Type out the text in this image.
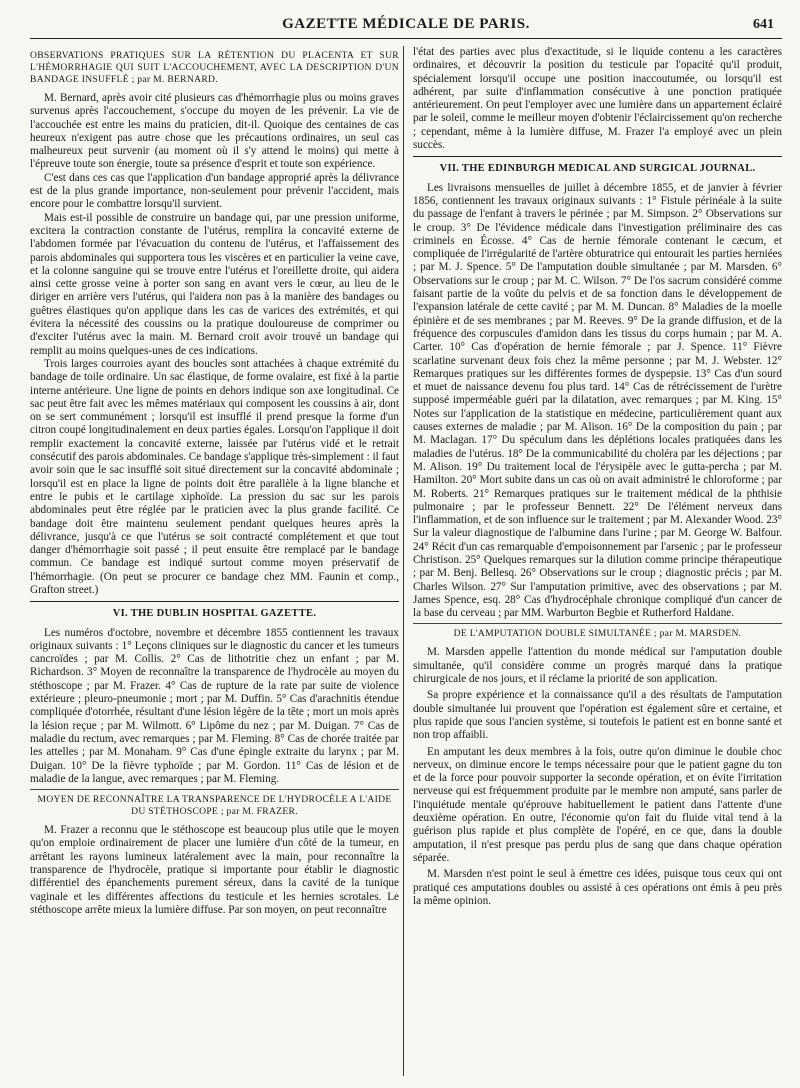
GAZETTE MÉDICALE DE PARIS.	641
OBSERVATIONS PRATIQUES SUR LA RÉTENTION DU PLACENTA ET SUR L'HÉMORRHAGIE QUI SUIT L'ACCOUCHEMENT, AVEC LA DESCRIPTION D'UN BANDAGE INSUFFLÉ ; par M. BERNARD.

M. Bernard, après avoir cité plusieurs cas d'hémorrhagie plus ou moins graves survenus après l'accouchement, s'occupe du moyen de les prévenir. La vie de l'accouchée est entre les mains du praticien, dit-il. Quoique des centaines de cas heureux n'exigent pas autre chose que les précautions ordinaires, un seul cas malheureux peut survenir (au moment où il s'y attend le moins) qui mette à l'épreuve toute son énergie, toute sa présence d'esprit et toute son expérience.

C'est dans ces cas que l'application d'un bandage approprié après la délivrance est de la plus grande importance, non-seulement pour prévenir l'accident, mais encore pour le combattre lorsqu'il survient.

Mais est-il possible de construire un bandage qui, par une pression uniforme, excitera la contraction constante de l'utérus, remplira la concavité externe de l'abdomen formée par l'évacuation du contenu de l'utérus, et l'affaissement des parois abdominales qui supportera tous les viscères et en particulier la veine cave, et la colonne sanguine qui se trouve entre l'utérus et l'oreillette droite, qui aidera ainsi cette grosse veine à porter son sang en avant vers le cœur, au lieu de le diriger en arrière vers l'utérus, qui l'aidera non pas à la manière des bandages ou guêtres élastiques qu'on applique dans les cas de varices des extrémités, et qui évitera la nécessité des coussins ou la pratique douloureuse de comprimer ou d'exciter l'utérus avec la main. M. Bernard croit avoir trouvé un bandage qui remplit au moins quelques-unes de ces indications.

Trois larges courroies ayant des boucles sont attachées à chaque extrémité du bandage de toile ordinaire. Un sac élastique, de forme ovalaire, est fixé à la partie interne antérieure. Une ligne de points en dehors indique son axe longitudinal. Ce sac peut être fait avec les mêmes matériaux qui composent les coussins à air, dont on se sert communément ; lorsqu'il est insufflé il prend presque la forme d'un citron coupé longitudinalement en deux parties égales. Lorsqu'on l'applique il doit remplir exactement la concavité externe, laissée par l'utérus vidé et le retrait consécutif des parois abdominales. Ce bandage s'applique très-simplement : il faut avoir soin que le sac insufflé soit situé directement sur la concavité abdominale ; lorsqu'il est en place la ligne de points doit être parallèle à la ligne blanche et entre le pubis et le cartilage xiphoïde. La pression du sac sur les parois abdominales peut être réglée par le praticien avec la plus grande facilité. Ce bandage doit être maintenu seulement pendant quelques heures après la délivrance, jusqu'à ce que l'utérus se soit contracté complétement et que tout danger d'hémorrhagie soit passé ; il peut ensuite être remplacé par le bandage commun. Ce bandage est indiqué surtout comme moyen préservatif de l'hémorrhagie. (On peut se procurer ce bandage chez MM. Faunin et comp., Grafton street.)

VI. THE DUBLIN HOSPITAL GAZETTE.

Les numéros d'octobre, novembre et décembre 1855 contiennent les travaux originaux suivants : 1° Leçons cliniques sur le diagnostic du cancer et les tumeurs cancroïdes ; par M. Collis. 2° Cas de lithotritie chez un enfant ; par M. Richardson. 3° Moyen de reconnaître la transparence de l'hydrocèle au moyen du stéthoscope ; par M. Frazer. 4° Cas de rupture de la rate par suite de violence extérieure ; pleuro-pneumonie ; mort ; par M. Duffin. 5° Cas d'arachnitis étendue compliquée d'otorrhée, résultant d'une lésion légère de la tête ; mort un mois après la lésion reçue ; par M. Wilmott. 6° Lipôme du nez ; par M. Duigan. 7° Cas de maladie du rectum, avec remarques ; par M. Fleming. 8° Cas de chorée traitée par les attelles ; par M. Monaham. 9° Cas d'une épingle extraite du larynx ; par M. Duigan. 10° De la fièvre typhoïde ; par M. Gordon. 11° Cas de lésion et de maladie de la langue, avec remarques ; par M. Fleming.

MOYEN DE RECONNAÎTRE LA TRANSPARENCE DE L'HYDROCÈLE A L'AIDE DU STÉTHOSCOPE ; par M. FRAZER.

M. Frazer a reconnu que le stéthoscope est beaucoup plus utile que le moyen qu'on emploie ordinairement de placer une lumière d'un côté de la tumeur, en arrêtant les rayons lumineux latéralement avec la main, pour reconnaître la transparence de l'hydrocèle, pratique si importante pour établir le diagnostic différentiel des épanchements purement séreux, dans la cavité de la tunique vaginale et les différentes affections du testicule et les hernies scrotales. Le stéthoscope arrête mieux la lumière diffuse. Par son moyen, on peut reconnaître

l'état des parties avec plus d'exactitude, si le liquide contenu a les caractères ordinaires, et découvrir la position du testicule par l'opacité qu'il produit, spécialement lorsqu'il occupe une position inaccoutumée, ou lorsqu'il est adhérent, par suite d'inflammation consécutive à une ponction pratiquée antérieurement. On peut l'employer avec une lumière dans un appartement éclairé par le soleil, comme le meilleur moyen d'obtenir l'éclaircissement qu'on recherche ; cependant, même à la lumière diffuse, M. Frazer l'a employé avec un plein succès.

VII. THE EDINBURGH MEDICAL AND SURGICAL JOURNAL.

Les livraisons mensuelles de juillet à décembre 1855, et de janvier à février 1856, contiennent les travaux originaux suivants : 1° Fistule périnéale à la suite du passage de l'enfant à travers le périnée ; par M. Simpson. 2° Observations sur le croup. 3° De l'évidence médicale dans l'investigation préliminaire des cas criminels en Écosse. 4° Cas de hernie fémorale contenant le cæcum, et compliquée de l'irrégularité de l'artère obturatrice qui entourait les parties herniées ; par M. J. Spence. 5° De l'amputation double simultanée ; par M. Marsden. 6° Observations sur le croup ; par M. C. Wilson. 7° De l'os sacrum considéré comme faisant partie de la voûte du pelvis et de sa fonction dans le développement de l'expansion latérale de cette cavité ; par M. M. Duncan. 8° Maladies de la moelle épinière et de ses membranes ; par M. Reeves. 9° De la grande diffusion, et de la fréquence des corpuscules d'amidon dans les tissus du corps humain ; par M. A. Carter. 10° Cas d'opération de hernie fémorale ; par J. Spence. 11° Fièvre scarlatine survenant deux fois chez la même personne ; par M. J. Webster. 12° Remarques pratiques sur les différentes formes de dyspepsie. 13° Cas d'un sourd et muet de naissance devenu fou plus tard. 14° Cas de rétrécissement de l'urètre supposé imperméable guéri par la dilatation, avec remarques ; par M. King. 15° Notes sur l'application de la statistique en médecine, particulièrement quant aux causes externes de maladie ; par M. Alison. 16° De la composition du pain ; par M. Maclagan. 17° Du spéculum dans les déplétions locales pratiquées dans les maladies de l'utérus. 18° De la communicabilité du choléra par les déjections ; par M. Alison. 19° Du traitement local de l'érysipèle avec le gutta-percha ; par M. Hamilton. 20° Mort subite dans un cas où on avait administré le chloroforme ; par M. Roberts. 21° Remarques pratiques sur le traitement médical de la phthisie pulmonaire ; par le professeur Bennett. 22° De l'élément nerveux dans l'inflammation, et de son influence sur le traitement ; par M. Alexander Wood. 23° Sur la valeur diagnostique de l'albumine dans l'urine ; par M. George W. Balfour. 24° Récit d'un cas remarquable d'empoisonnement par l'arsenic ; par le professeur Christison. 25° Quelques remarques sur la dilution comme principe thérapeutique ; par M. Benj. Bellesq. 26° Observations sur le croup ; diagnostic précis ; par M. Charles Wilson. 27° Sur l'amputation primitive, avec des observations ; par M. James Spence, esq. 28° Cas d'hydrocéphale chronique compliqué d'un cancer de la base du cerveau ; par MM. Warburton Begbie et Rutherford Haldane.

DE L'AMPUTATION DOUBLE SIMULTANÉE ; par M. MARSDEN.

M. Marsden appelle l'attention du monde médical sur l'amputation double simultanée, qu'il considère comme un progrès marqué dans la pratique chirurgicale de nos jours, et il réclame la priorité de son application.

Sa propre expérience et la connaissance qu'il a des résultats de l'amputation double simultanée lui prouvent que l'opération est également sûre et certaine, et plus rapide que sous l'ancien système, si toutefois le patient est en bonne santé et non trop affaibli.

En amputant les deux membres à la fois, outre qu'on diminue le double choc nerveux, on diminue encore le temps nécessaire pour que le patient gagne du ton et de la force pour pouvoir supporter la seconde opération, et on évite l'irritation nerveuse qui est fréquemment produite par le membre non amputé, sans parler de l'inquiétude mentale qu'éprouve habituellement le patient dans l'attente d'une deuxième opération. En outre, l'économie qu'on fait du fluide vital tend à la guérison plus rapide et plus complète de l'opéré, en ce que, dans la double amputation, il n'est presque pas perdu plus de sang que dans chaque opération séparée.

M. Marsden n'est point le seul à émettre ces idées, puisque tous ceux qui ont pratiqué ces amputations doubles ou assisté à ces opérations ont émis à peu près la même opinion.
